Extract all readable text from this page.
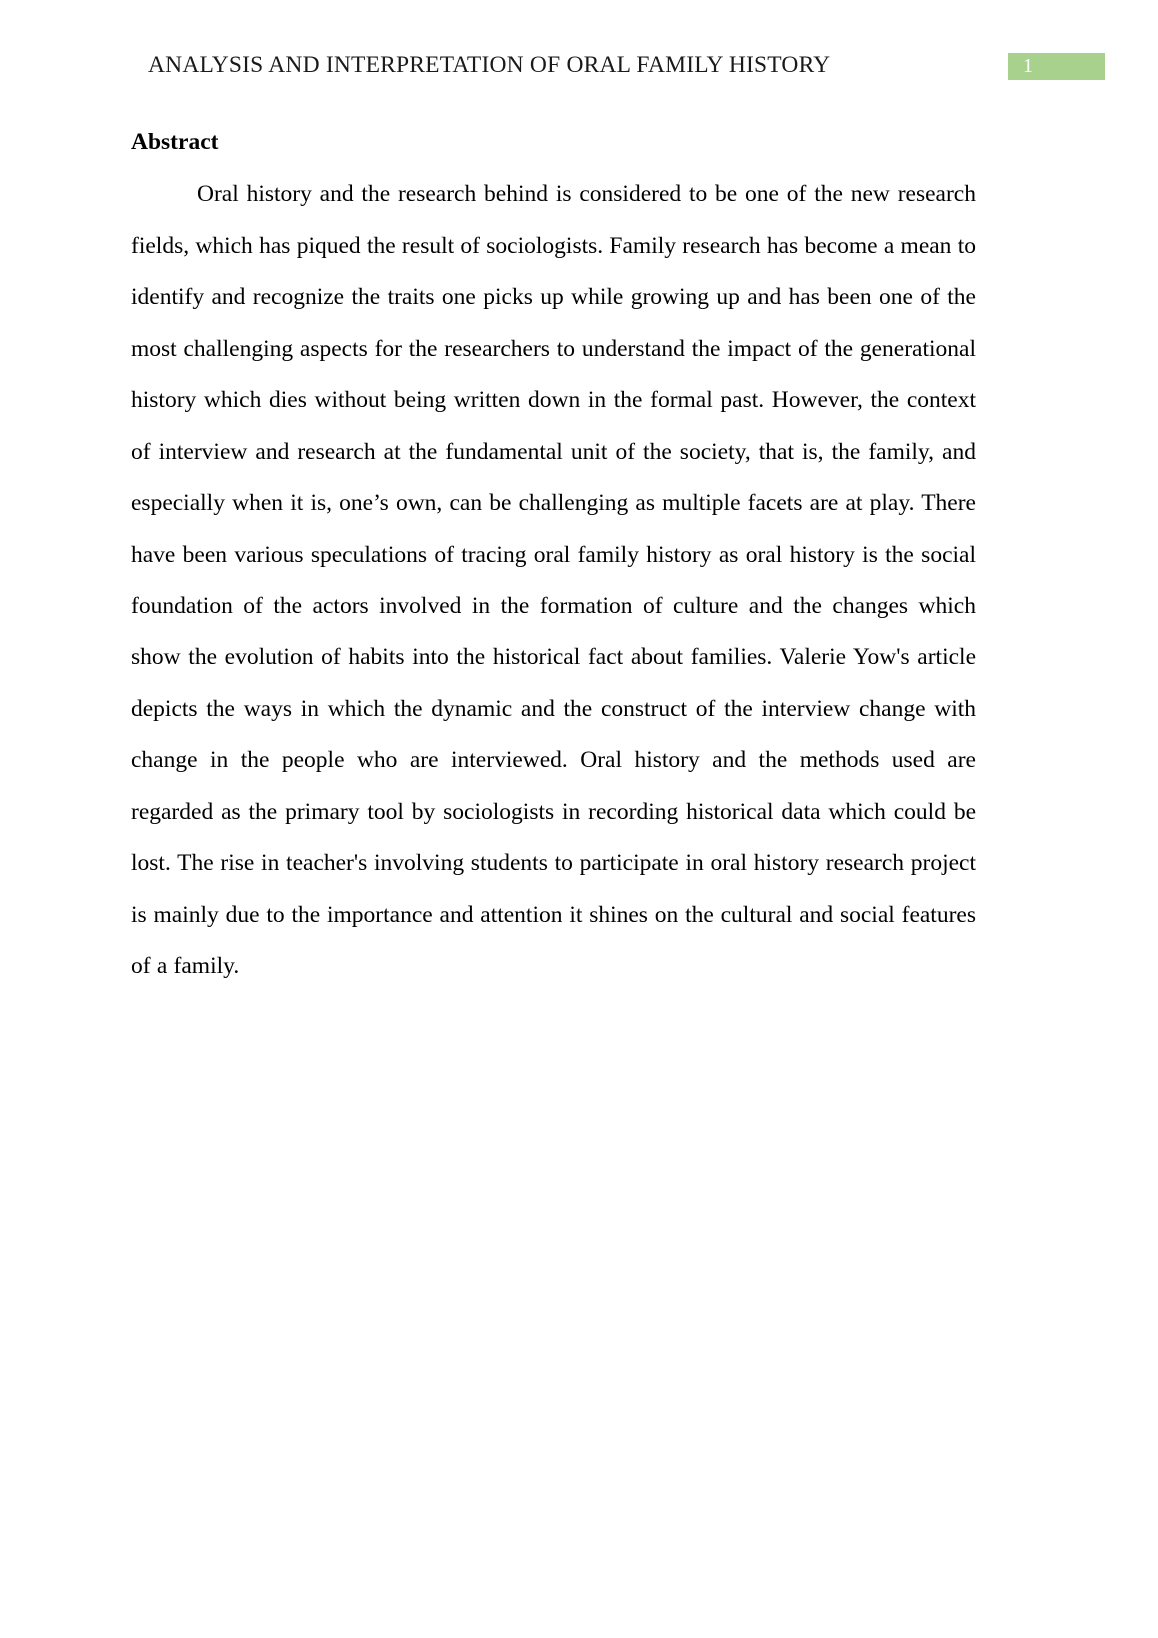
ANALYSIS AND INTERPRETATION OF ORAL FAMILY HISTORY	1
Abstract

Oral history and the research behind is considered to be one of the new research fields, which has piqued the result of sociologists. Family research has become a mean to identify and recognize the traits one picks up while growing up and has been one of the most challenging aspects for the researchers to understand the impact of the generational history which dies without being written down in the formal past. However, the context of interview and research at the fundamental unit of the society, that is, the family, and especially when it is, one’s own, can be challenging as multiple facets are at play. There have been various speculations of tracing oral family history as oral history is the social foundation of the actors involved in the formation of culture and the changes which show the evolution of habits into the historical fact about families. Valerie Yow's article depicts the ways in which the dynamic and the construct of the interview change with change in the people who are interviewed. Oral history and the methods used are regarded as the primary tool by sociologists in recording historical data which could be lost. The rise in teacher's involving students to participate in oral history research project is mainly due to the importance and attention it shines on the cultural and social features of a family.
